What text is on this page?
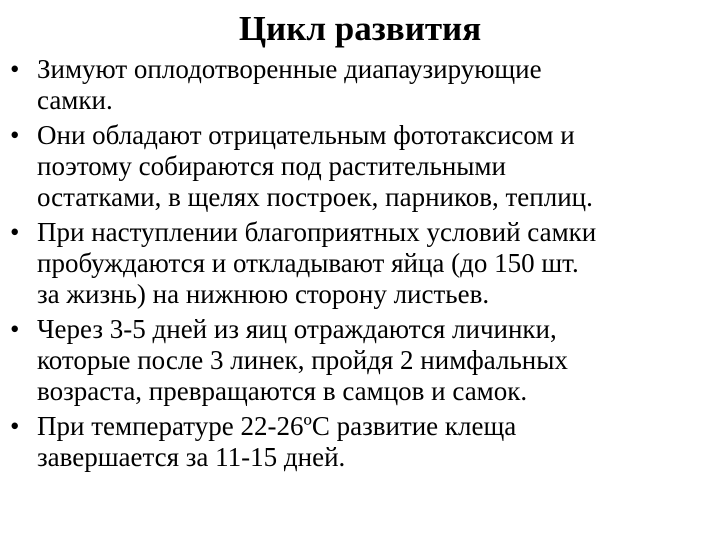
Цикл развития
• Зимуют оплодотворенные диапаузирующие
самки.
• Они обладают отрицательным фототаксисом и
поэтому собираются под растительными
остатками, в щелях построек, парников, теплиц.
• При наступлении благоприятных условий самки
пробуждаются и откладывают яйца (до 150 шт.
за жизнь) на нижнюю сторону листьев.
• Через 3-5 дней из яиц отраждаются личинки,
которые после 3 линек, пройдя 2 нимфальных
возраста, превращаются в самцов и самок.
• При температуре 22-26ºС развитие клеща
завершается за 11-15 дней.
